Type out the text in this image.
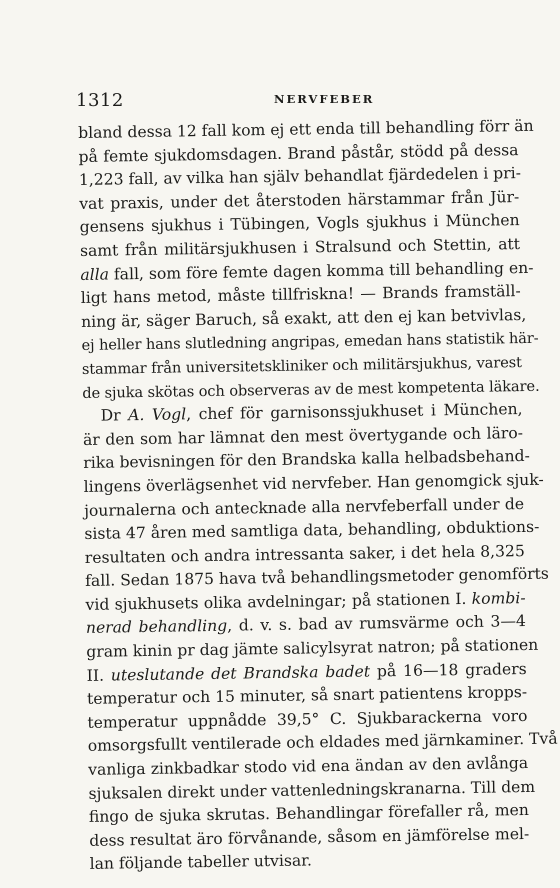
1312	NERVFEBER
bland dessa 12 fall kom ej ett enda till behandling förr än
på femte sjukdomsdagen. Brand påstår, stödd på dessa
1,223 fall, av vilka han själv behandlat fjärdedelen i pri-
vat praxis, under det återstoden härstammar från Jür-
gensens sjukhus i Tübingen, Vogls sjukhus i München
samt från militärsjukhusen i Stralsund och Stettin, att
alla fall, som före femte dagen komma till behandling en-
ligt hans metod, måste tillfriskna! — Brands framställ-
ning är, säger Baruch, så exakt, att den ej kan betvivlas,
ej heller hans slutledning angripas, emedan hans statistik här-
stammar från universitetskliniker och militärsjukhus, varest
de sjuka skötas och observeras av de mest kompetenta läkare.
Dr A. Vogl, chef för garnisonssjukhuset i München,
är den som har lämnat den mest övertygande och läro-
rika bevisningen för den Brandska kalla helbadsbehand-
lingens överlägsenhet vid nervfeber. Han genomgick sjuk-
journalerna och antecknade alla nervfeberfall under de
sista 47 åren med samtliga data, behandling, obduktions-
resultaten och andra intressanta saker, i det hela 8,325
fall. Sedan 1875 hava två behandlingsmetoder genomförts
vid sjukhusets olika avdelningar; på stationen I. kombi-
nerad behandling, d. v. s. bad av rumsvärme och 3—4
gram kinin pr dag jämte salicylsyrat natron; på stationen
II. uteslutande det Brandska badet på 16—18 graders
temperatur och 15 minuter, så snart patientens kropps-
temperatur uppnådde 39,5° C. Sjukbarackerna voro
omsorgsfullt ventilerade och eldades med järnkaminer. Två
vanliga zinkbadkar stodo vid ena ändan av den avlånga
sjuksalen direkt under vattenledningskranarna. Till dem
fingo de sjuka skrutas. Behandlingar förefaller rå, men
dess resultat äro förvånande, såsom en jämförelse mel-
lan följande tabeller utvisar.
